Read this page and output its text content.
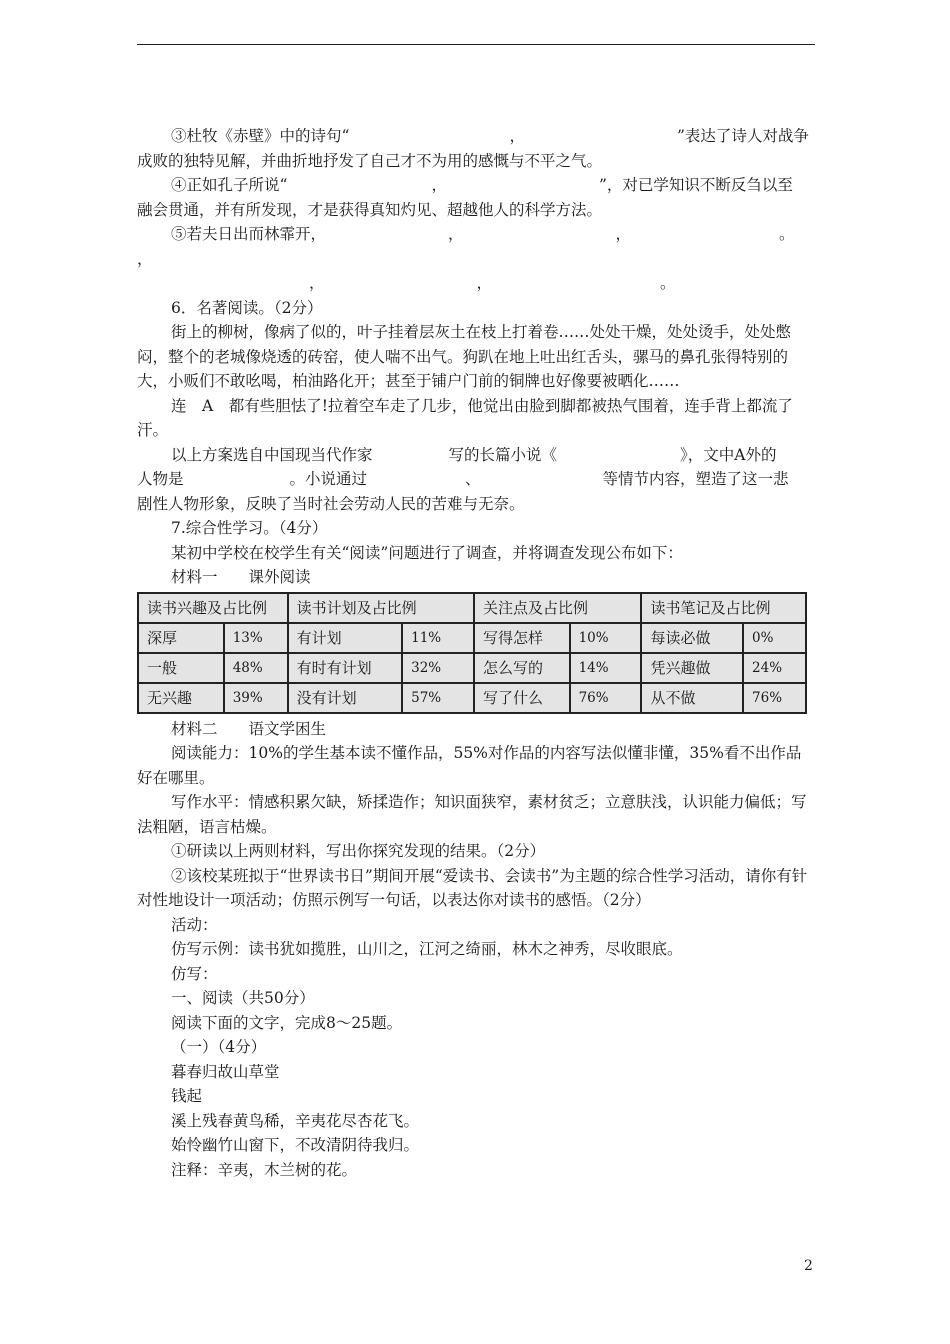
③杜牧《赤壁》中的诗句“	，	”表达了诗人对战争

成败的独特见解，并曲折地抒发了自己才不为用的感慨与不平之气。

④正如孔子所说“	，	”，对已学知识不断反刍以至

融会贯通，并有所发现，才是获得真知灼见、超越他人的科学方法。

⑤若夫日出而林霏开，	，	，	。

，

，	，	。

6．名著阅读。（2分）

街上的柳树，像病了似的，叶子挂着层灰土在枝上打着卷……处处干燥，处处烫手，处处憋闷，整个的老城像烧透的砖窑，使人喘不出气。狗趴在地上吐出红舌头，骡马的鼻孔张得特别的大，小贩们不敢吆喝，柏油路化开；甚至于铺户门前的铜牌也好像要被晒化……

连　A　都有些胆怯了!拉着空车走了几步，他觉出由脸到脚都被热气围着，连手背上都流了汗。

以上方案选自中国现当代作家	写的长篇小说《	》，文中A外的

人物是	。小说通过	、	等情节内容，塑造了这一悲

剧性人物形象，反映了当时社会劳动人民的苦难与无奈。

7.综合性学习。（4分）

某初中学校在校学生有关“阅读”问题进行了调查，并将调查发现公布如下：

材料一　　课外阅读

读书兴趣及占比例		读书计划及占比例		关注点及占比例		读书笔记及占比例	
深厚	13%	有计划	11%	写得怎样	10%	每读必做	0%
一般	48%	有时有计划	32%	怎么写的	14%	凭兴趣做	24%
无兴趣	39%	没有计划	57%	写了什么	76%	从不做	76%

材料二　　语文学困生

阅读能力：10%的学生基本读不懂作品，55%对作品的内容写法似懂非懂，35%看不出作品好在哪里。

写作水平：情感积累欠缺，矫揉造作；知识面狭窄，素材贫乏；立意肤浅，认识能力偏低；写法粗陋，语言枯燥。

①研读以上两则材料，写出你探究发现的结果。（2分）

②该校某班拟于“世界读书日”期间开展“爱读书、会读书”为主题的综合性学习活动，请你有针对性地设计一项活动；仿照示例写一句话，以表达你对读书的感悟。（2分）

活动：

仿写示例：读书犹如揽胜，山川之，江河之绮丽，林木之神秀，尽收眼底。

仿写：

一、阅读（共50分）

阅读下面的文字，完成8～25题。

（一）（4分）

暮春归故山草堂

钱起

溪上残春黄鸟稀，辛夷花尽杏花飞。

始怜幽竹山窗下，不改清阴待我归。

注释：辛夷，木兰树的花。

2
